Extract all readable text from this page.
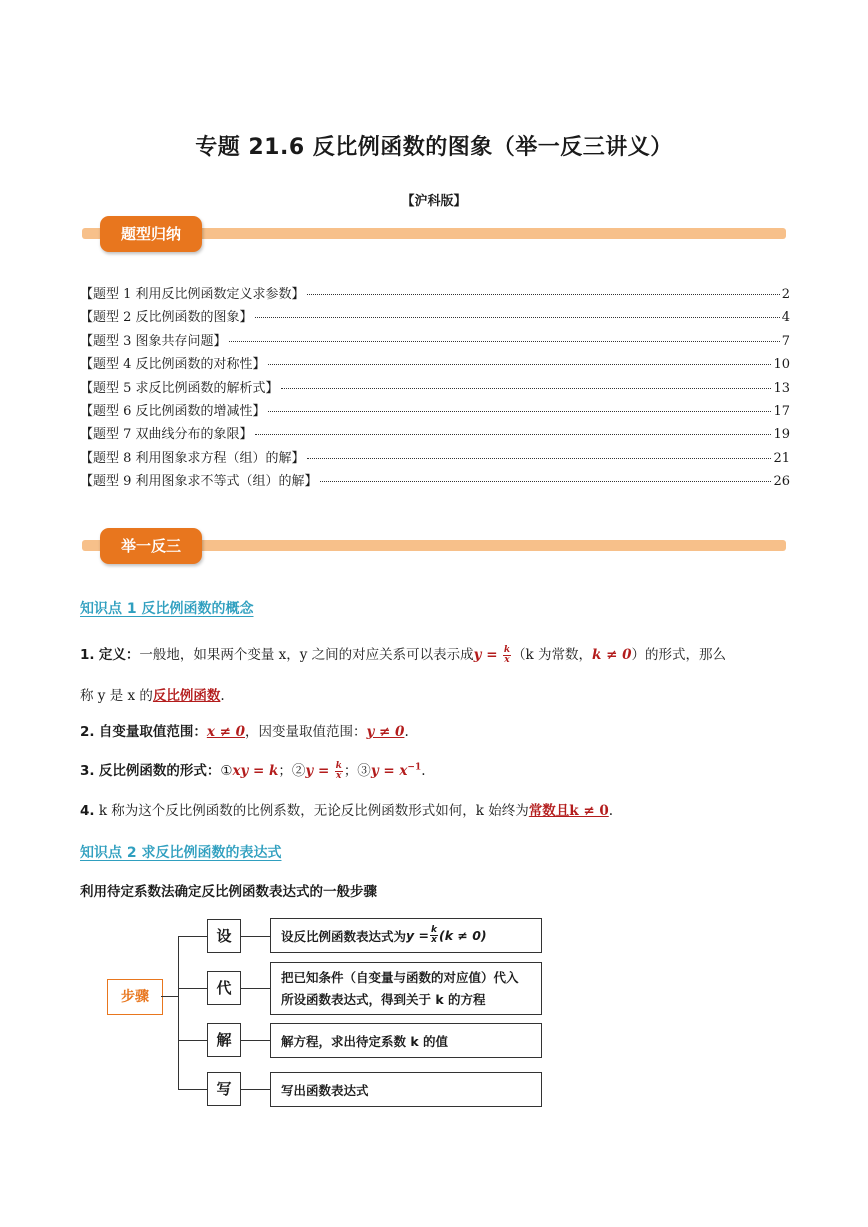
专题 21.6 反比例函数的图象（举一反三讲义）
【沪科版】
题型归纳
【题型 1 利用反比例函数定义求参数】	2
【题型 2 反比例函数的图象】	4
【题型 3 图象共存问题】	7
【题型 4 反比例函数的对称性】	10
【题型 5 求反比例函数的解析式】	13
【题型 6 反比例函数的增减性】	17
【题型 7 双曲线分布的象限】	19
【题型 8 利用图象求方程（组）的解】	21
【题型 9 利用图象求不等式（组）的解】	26
举一反三
知识点 1 反比例函数的概念
1. 定义：一般地，如果两个变量 x，y 之间的对应关系可以表示成$y = \frac{k}{x} (k$ 为常数，k ≠ 0）的形式，那么
称 y 是 x 的反比例函数.
2. 自变量取值范围：x ≠ 0，因变量取值范围：y ≠ 0.
3. 反比例函数的形式：①xy = k；②y = $\frac{k}{x}$ ；③y = $x^{-1}$.
4. k 称为这个反比例函数的比例系数，无论反比例函数形式如何，k 始终为常数且k ≠ 0.
知识点 2 求反比例函数的表达式
利用待定系数法确定反比例函数表达式的一般步骤
步骤
设
代
解
写
设反比例函数表达式为 $y = \frac{k}{x} (k \ne 0)$
把已知条件（自变量与函数的对应值）代入
所设函数表达式，得到关于 k 的方程
解方程，求出待定系数 k 的值
写出函数表达式
